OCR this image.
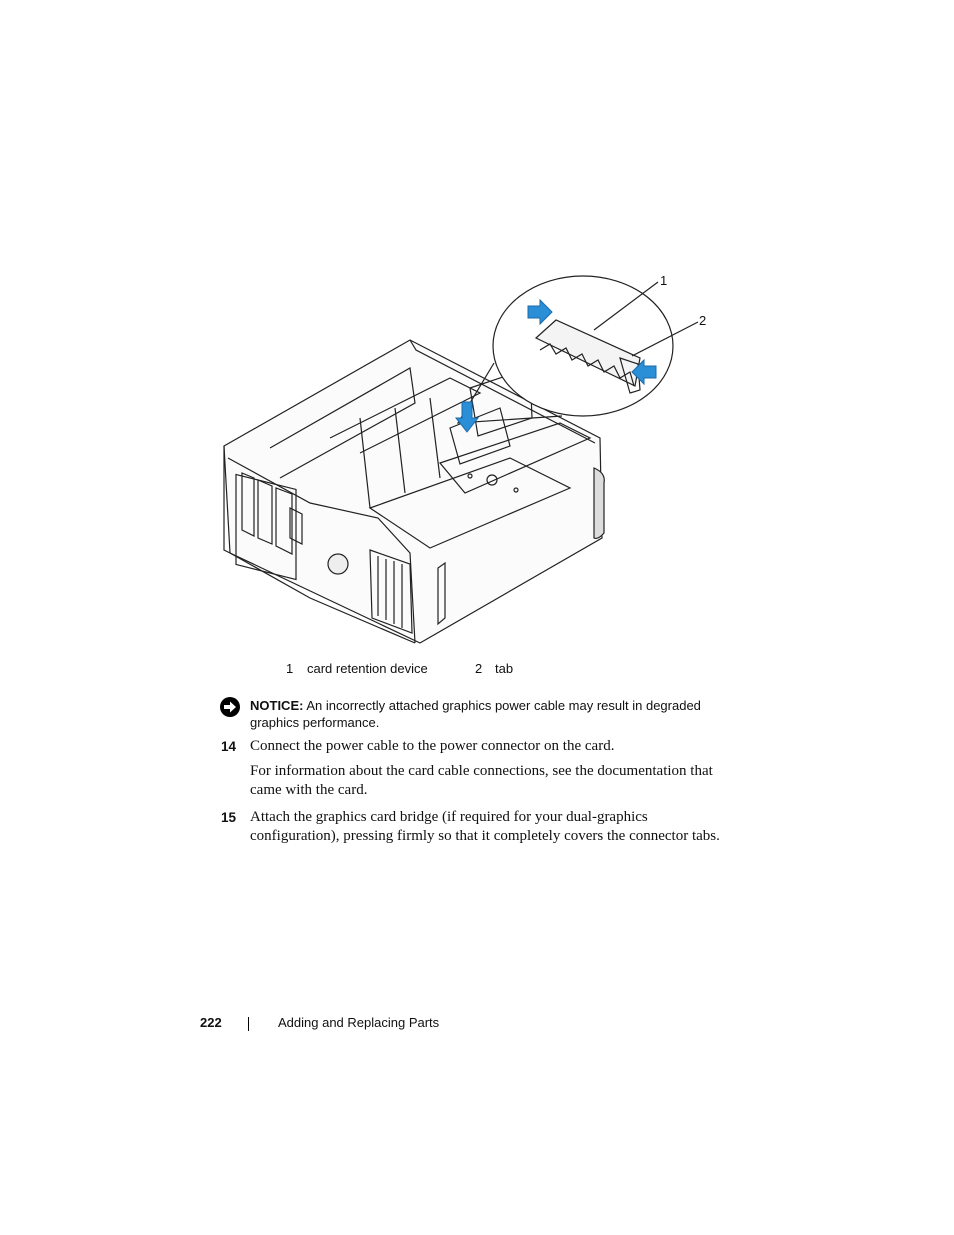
1
2
1 card retention device	2 tab
NOTICE: An incorrectly attached graphics power cable may result in degraded graphics performance.
14 Connect the power cable to the power connector on the card.
For information about the card cable connections, see the documentation that came with the card.
15 Attach the graphics card bridge (if required for your dual-graphics configuration), pressing firmly so that it completely covers the connector tabs.
222	Adding and Replacing Parts
